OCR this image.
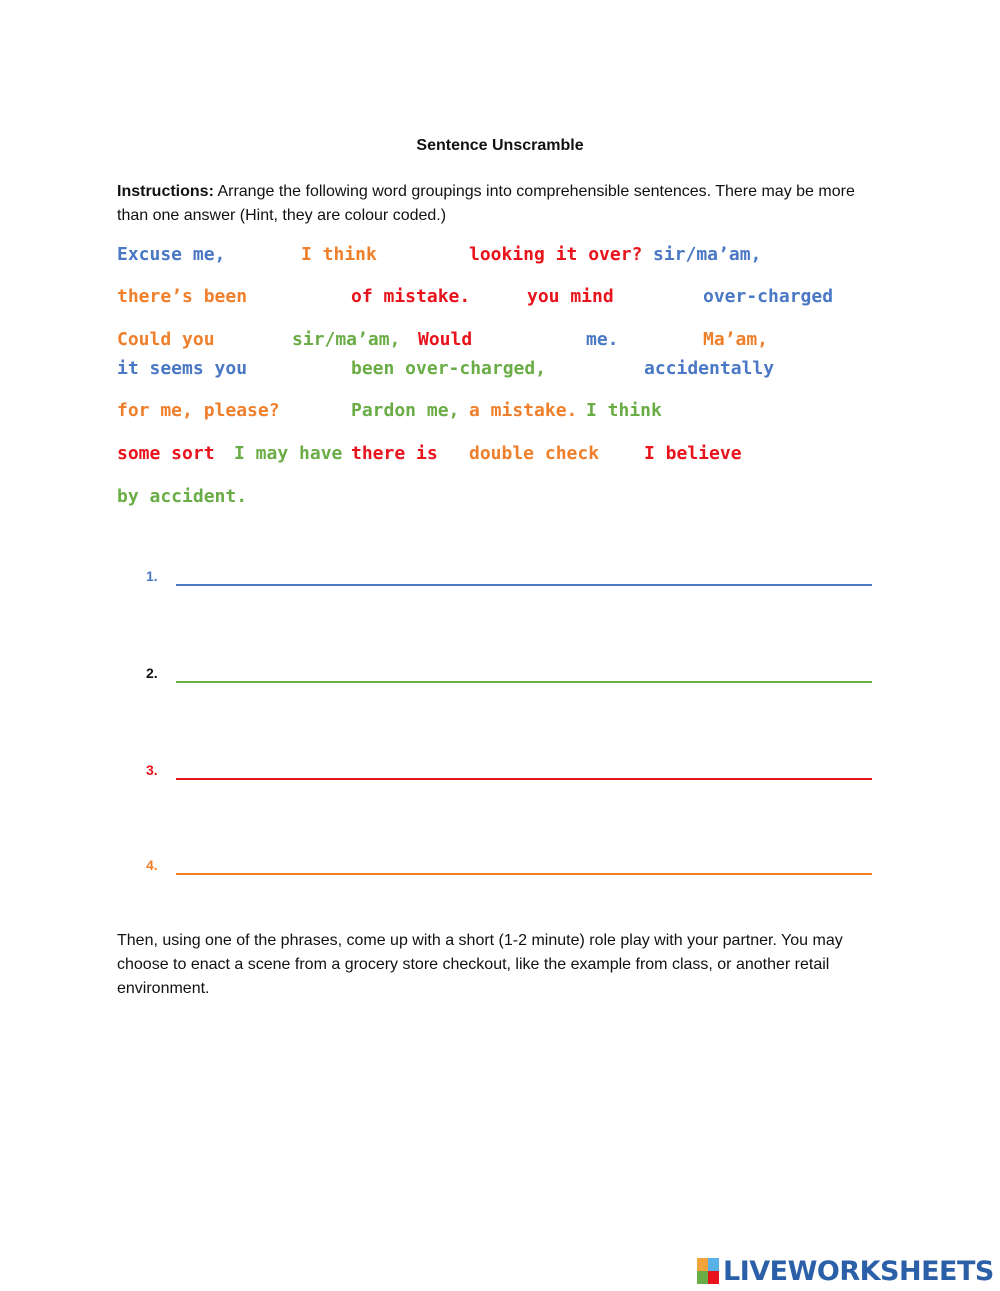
Sentence Unscramble
Instructions: Arrange the following word groupings into comprehensible sentences. There may be more than one answer (Hint, they are colour coded.)
Excuse me,	I think	looking it over? sir/ma’am,
there’s been	of mistake.	you mind	over-charged
Could you	sir/ma’am, Would	me.	Ma’am,
it seems you	been over-charged,	accidentally
for me, please?	Pardon me, a mistake. I think
some sort I may have there is double check I believe
by accident.
1.
2.
3.
4.
Then, using one of the phrases, come up with a short (1-2 minute) role play with your partner. You may choose to enact a scene from a grocery store checkout, like the example from class, or another retail environment.
LIVEWORKSHEETS
